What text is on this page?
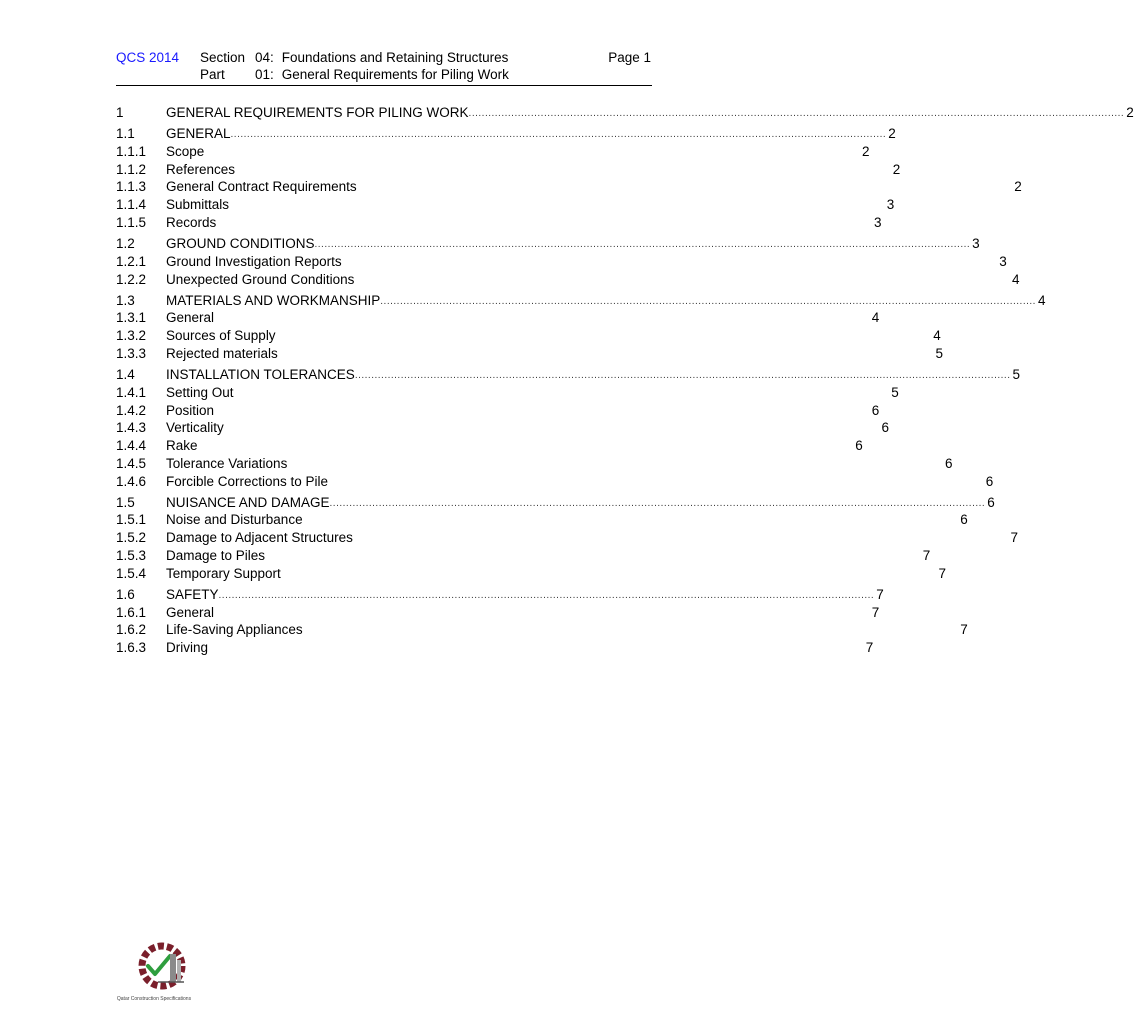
QCS 2014 Section 04: Foundations and Retaining Structures
Part 01: General Requirements for Piling Work
Page 1
1	GENERAL REQUIREMENTS FOR PILING WORK ........................................................................................................................................................................................................ 2
1.1 GENERAL ........................................................................................................................................................................................................ 2
1.1.1 Scope	2
1.1.2 References	2
1.1.3 General Contract Requirements	2
1.1.4 Submittals	3
1.1.5 Records	3
1.2 GROUND CONDITIONS ........................................................................................................................................................................................................ 3
1.2.1 Ground Investigation Reports	3
1.2.2 Unexpected Ground Conditions	4
1.3 MATERIALS AND WORKMANSHIP ........................................................................................................................................................................................................ 4
1.3.1 General	4
1.3.2 Sources of Supply	4
1.3.3 Rejected materials	5
1.4 INSTALLATION TOLERANCES ........................................................................................................................................................................................................ 5
1.4.1 Setting Out	5
1.4.2 Position	6
1.4.3 Verticality	6
1.4.4 Rake	6
1.4.5 Tolerance Variations	6
1.4.6 Forcible Corrections to Pile	6
1.5 NUISANCE AND DAMAGE ........................................................................................................................................................................................................ 6
1.5.1 Noise and Disturbance	6
1.5.2 Damage to Adjacent Structures	7
1.5.3 Damage to Piles	7
1.5.4 Temporary Support	7
1.6 SAFETY ........................................................................................................................................................................................................ 7
1.6.1 General	7
1.6.2 Life-Saving Appliances	7
1.6.3 Driving	7
Qatar Construction Specifications
